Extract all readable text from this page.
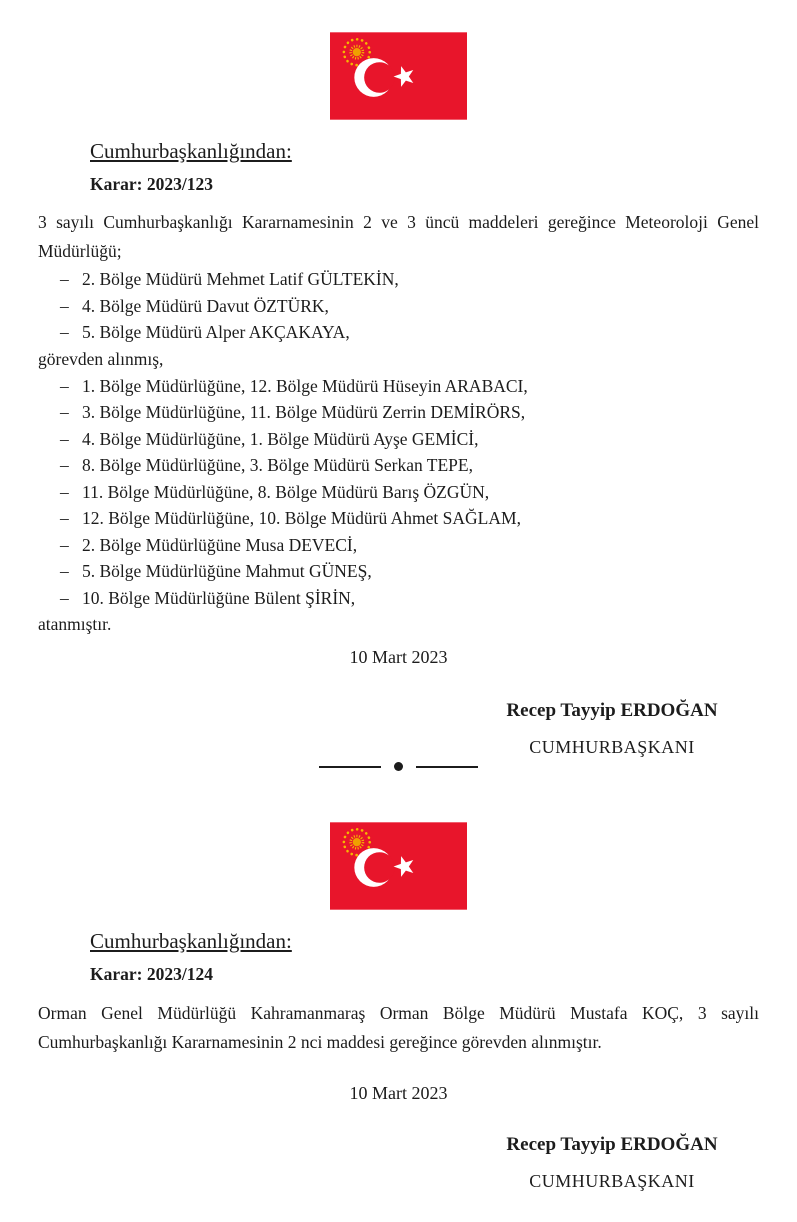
Cumhurbaşkanlığından:
Karar: 2023/123
3 sayılı Cumhurbaşkanlığı Kararnamesinin 2 ve 3 üncü maddeleri gereğince Meteoroloji Genel Müdürlüğü;
– 2. Bölge Müdürü Mehmet Latif GÜLTEKİN,
– 4. Bölge Müdürü Davut ÖZTÜRK,
– 5. Bölge Müdürü Alper AKÇAKAYA,
görevden alınmış,
– 1. Bölge Müdürlüğüne, 12. Bölge Müdürü Hüseyin ARABACI,
– 3. Bölge Müdürlüğüne, 11. Bölge Müdürü Zerrin DEMİRÖRS,
– 4. Bölge Müdürlüğüne, 1. Bölge Müdürü Ayşe GEMİCİ,
– 8. Bölge Müdürlüğüne, 3. Bölge Müdürü Serkan TEPE,
– 11. Bölge Müdürlüğüne, 8. Bölge Müdürü Barış ÖZGÜN,
– 12. Bölge Müdürlüğüne, 10. Bölge Müdürü Ahmet SAĞLAM,
– 2. Bölge Müdürlüğüne Musa DEVECİ,
– 5. Bölge Müdürlüğüne Mahmut GÜNEŞ,
– 10. Bölge Müdürlüğüne Bülent ŞİRİN,
atanmıştır.
10 Mart 2023
Recep Tayyip ERDOĞAN
CUMHURBAŞKANI
Cumhurbaşkanlığından:
Karar: 2023/124
Orman Genel Müdürlüğü Kahramanmaraş Orman Bölge Müdürü Mustafa KOÇ, 3 sayılı Cumhurbaşkanlığı Kararnamesinin 2 nci maddesi gereğince görevden alınmıştır.
10 Mart 2023
Recep Tayyip ERDOĞAN
CUMHURBAŞKANI
